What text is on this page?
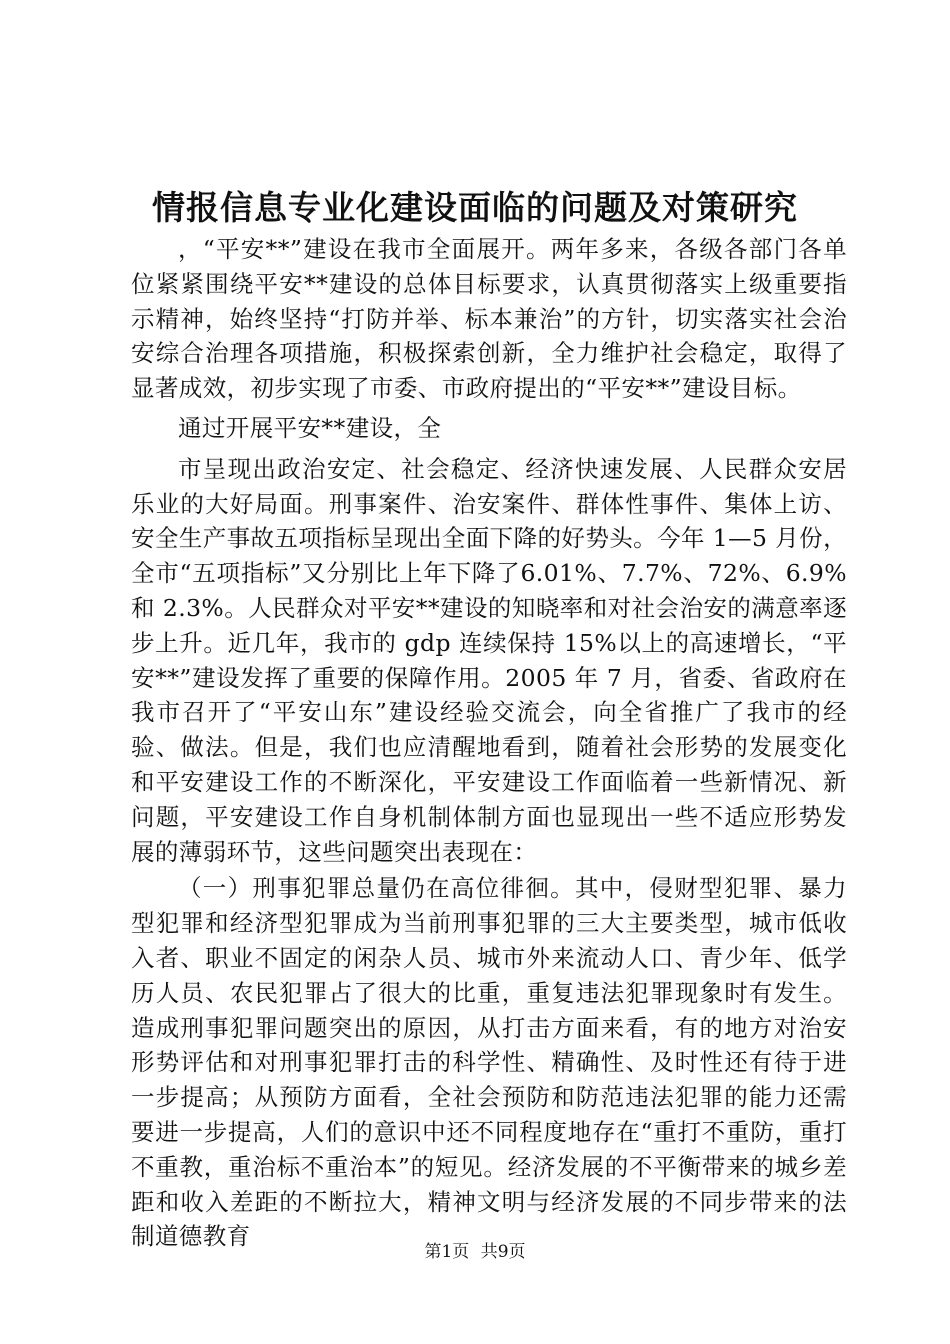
情报信息专业化建设面临的问题及对策研究

，“平安**”建设在我市全面展开。两年多来，各级各部门各单位紧紧围绕平安**建设的总体目标要求，认真贯彻落实上级重要指示精神，始终坚持“打防并举、标本兼治”的方针，切实落实社会治安综合治理各项措施，积极探索创新，全力维护社会稳定，取得了显著成效，初步实现了市委、市政府提出的“平安**”建设目标。

通过开展平安**建设，全

市呈现出政治安定、社会稳定、经济快速发展、人民群众安居乐业的大好局面。刑事案件、治安案件、群体性事件、集体上访、安全生产事故五项指标呈现出全面下降的好势头。今年 1—5 月份，全市“五项指标”又分别比上年下降了6.01%、7.7%、72%、6.9%和 2.3%。人民群众对平安**建设的知晓率和对社会治安的满意率逐步上升。近几年，我市的 gdp 连续保持 15%以上的高速增长，“平安**”建设发挥了重要的保障作用。2005 年 7 月，省委、省政府在我市召开了“平安山东”建设经验交流会，向全省推广了我市的经验、做法。但是，我们也应清醒地看到，随着社会形势的发展变化和平安建设工作的不断深化，平安建设工作面临着一些新情况、新问题，平安建设工作自身机制体制方面也显现出一些不适应形势发展的薄弱环节，这些问题突出表现在：

（一）刑事犯罪总量仍在高位徘徊。其中，侵财型犯罪、暴力型犯罪和经济型犯罪成为当前刑事犯罪的三大主要类型，城市低收入者、职业不固定的闲杂人员、城市外来流动人口、青少年、低学历人员、农民犯罪占了很大的比重，重复违法犯罪现象时有发生。造成刑事犯罪问题突出的原因，从打击方面来看，有的地方对治安形势评估和对刑事犯罪打击的科学性、精确性、及时性还有待于进一步提高；从预防方面看，全社会预防和防范违法犯罪的能力还需要进一步提高，人们的意识中还不同程度地存在“重打不重防，重打不重教，重治标不重治本”的短见。经济发展的不平衡带来的城乡差距和收入差距的不断拉大，精神文明与经济发展的不同步带来的法制道德教育

第1页 共9页
